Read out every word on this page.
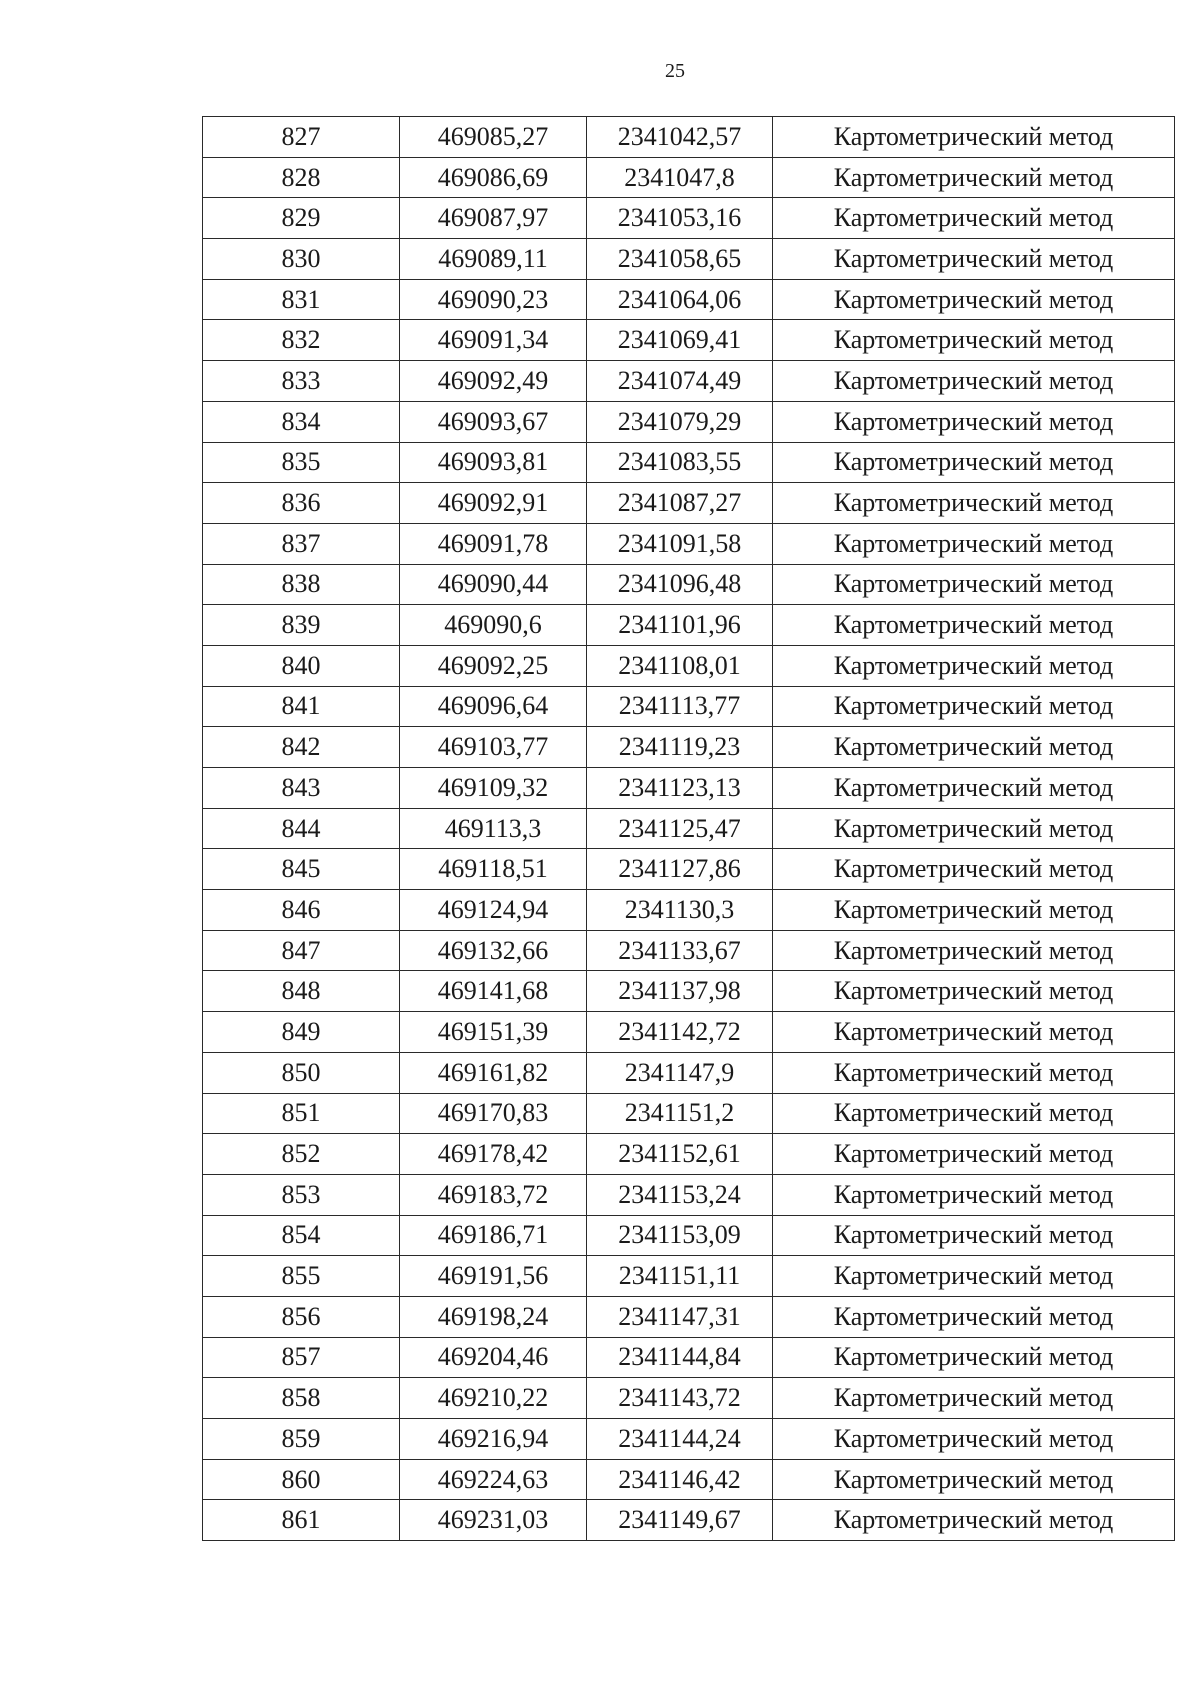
25
827	469085,27	2341042,57	Картометрический метод
828	469086,69	2341047,8	Картометрический метод
829	469087,97	2341053,16	Картометрический метод
830	469089,11	2341058,65	Картометрический метод
831	469090,23	2341064,06	Картометрический метод
832	469091,34	2341069,41	Картометрический метод
833	469092,49	2341074,49	Картометрический метод
834	469093,67	2341079,29	Картометрический метод
835	469093,81	2341083,55	Картометрический метод
836	469092,91	2341087,27	Картометрический метод
837	469091,78	2341091,58	Картометрический метод
838	469090,44	2341096,48	Картометрический метод
839	469090,6	2341101,96	Картометрический метод
840	469092,25	2341108,01	Картометрический метод
841	469096,64	2341113,77	Картометрический метод
842	469103,77	2341119,23	Картометрический метод
843	469109,32	2341123,13	Картометрический метод
844	469113,3	2341125,47	Картометрический метод
845	469118,51	2341127,86	Картометрический метод
846	469124,94	2341130,3	Картометрический метод
847	469132,66	2341133,67	Картометрический метод
848	469141,68	2341137,98	Картометрический метод
849	469151,39	2341142,72	Картометрический метод
850	469161,82	2341147,9	Картометрический метод
851	469170,83	2341151,2	Картометрический метод
852	469178,42	2341152,61	Картометрический метод
853	469183,72	2341153,24	Картометрический метод
854	469186,71	2341153,09	Картометрический метод
855	469191,56	2341151,11	Картометрический метод
856	469198,24	2341147,31	Картометрический метод
857	469204,46	2341144,84	Картометрический метод
858	469210,22	2341143,72	Картометрический метод
859	469216,94	2341144,24	Картометрический метод
860	469224,63	2341146,42	Картометрический метод
861	469231,03	2341149,67	Картометрический метод
